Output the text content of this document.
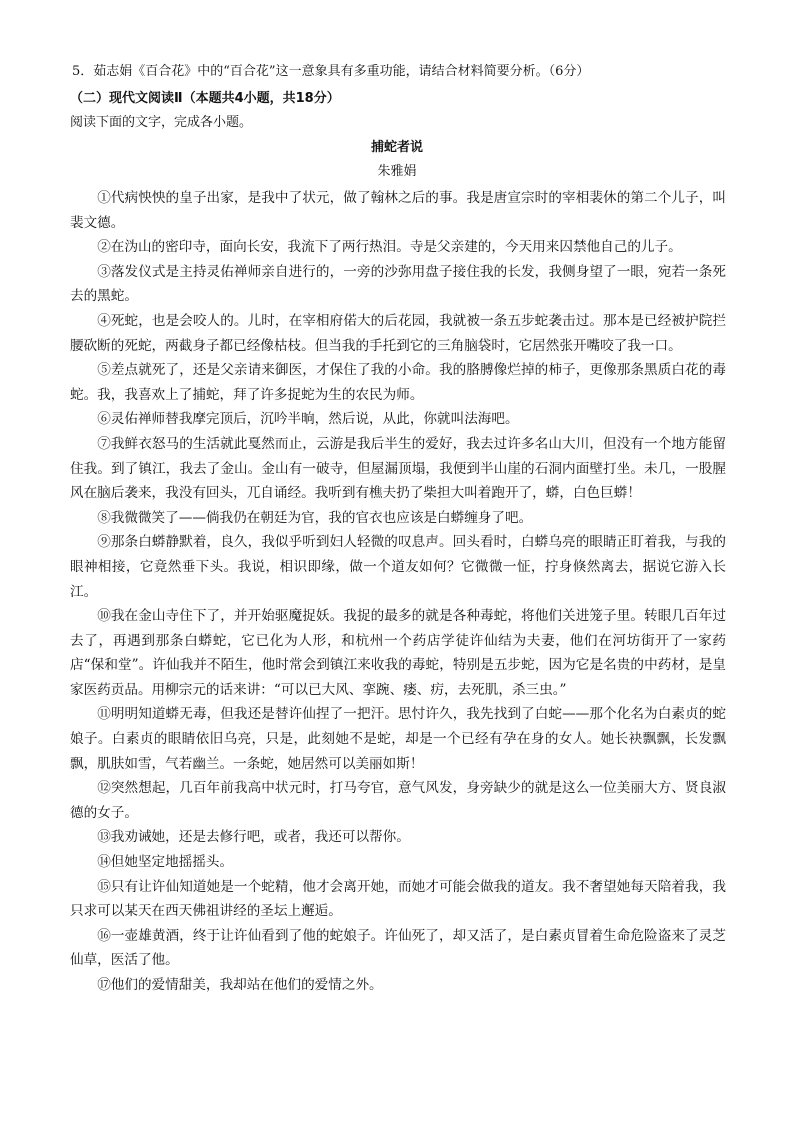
5．茹志娟《百合花》中的“百合花”这一意象具有多重功能，请结合材料简要分析。（6分）
（二）现代文阅读Ⅱ（本题共4小题，共18分）
阅读下面的文字，完成各小题。
捕蛇者说
朱雅娟

①代病怏怏的皇子出家，是我中了状元，做了翰林之后的事。我是唐宣宗时的宰相裴休的第二个儿子，叫裴文德。

②在沩山的密印寺，面向长安，我流下了两行热泪。寺是父亲建的，今天用来囚禁他自己的儿子。

③落发仪式是主持灵佑禅师亲自进行的，一旁的沙弥用盘子接住我的长发，我侧身望了一眼，宛若一条死去的黑蛇。

④死蛇，也是会咬人的。儿时，在宰相府偌大的后花园，我就被一条五步蛇袭击过。那本是已经被护院拦腰砍断的死蛇，两截身子都已经像枯枝。但当我的手托到它的三角脑袋时，它居然张开嘴咬了我一口。

⑤差点就死了，还是父亲请来御医，才保住了我的小命。我的胳膊像烂掉的柿子，更像那条黑质白花的毒蛇。我，我喜欢上了捕蛇，拜了许多捉蛇为生的农民为师。

⑥灵佑禅师替我摩完顶后，沉吟半晌，然后说，从此，你就叫法海吧。

⑦我鲜衣怒马的生活就此戛然而止，云游是我后半生的爱好，我去过许多名山大川，但没有一个地方能留住我。到了镇江，我去了金山。金山有一破寺，但屋漏顶塌，我便到半山崖的石洞内面壁打坐。未几，一股腥风在脑后袭来，我没有回头，兀自诵经。我听到有樵夫扔了柴担大叫着跑开了，蟒，白色巨蟒！

⑧我微微笑了——倘我仍在朝廷为官，我的官衣也应该是白蟒缠身了吧。

⑨那条白蟒静默着，良久，我似乎听到妇人轻微的叹息声。回头看时，白蟒乌亮的眼睛正盯着我，与我的眼神相接，它竟然垂下头。我说，相识即缘，做一个道友如何？它微微一怔，拧身倏然离去，据说它游入长江。

⑩我在金山寺住下了，并开始驱魔捉妖。我捉的最多的就是各种毒蛇，将他们关进笼子里。转眼几百年过去了，再遇到那条白蟒蛇，它已化为人形，和杭州一个药店学徒许仙结为夫妻，他们在河坊街开了一家药店“保和堂”。许仙我并不陌生，他时常会到镇江来收我的毒蛇，特别是五步蛇，因为它是名贵的中药材，是皇家医药贡品。用柳宗元的话来讲：“可以已大风、挛踠、瘘、疠，去死肌，杀三虫。”

⑪明明知道蟒无毒，但我还是替许仙捏了一把汗。思忖许久，我先找到了白蛇——那个化名为白素贞的蛇娘子。白素贞的眼睛依旧乌亮，只是，此刻她不是蛇，却是一个已经有孕在身的女人。她长袂飘飘，长发飘飘，肌肤如雪，气若幽兰。一条蛇，她居然可以美丽如斯！

⑫突然想起，几百年前我高中状元时，打马夸官，意气风发，身旁缺少的就是这么一位美丽大方、贤良淑德的女子。

⑬我劝诫她，还是去修行吧，或者，我还可以帮你。

⑭但她坚定地摇摇头。

⑮只有让许仙知道她是一个蛇精，他才会离开她，而她才可能会做我的道友。我不奢望她每天陪着我，我只求可以某天在西天佛祖讲经的圣坛上邂逅。

⑯一壶雄黄酒，终于让许仙看到了他的蛇娘子。许仙死了，却又活了，是白素贞冒着生命危险盗来了灵芝仙草，医活了他。

⑰他们的爱情甜美，我却站在他们的爱情之外。
